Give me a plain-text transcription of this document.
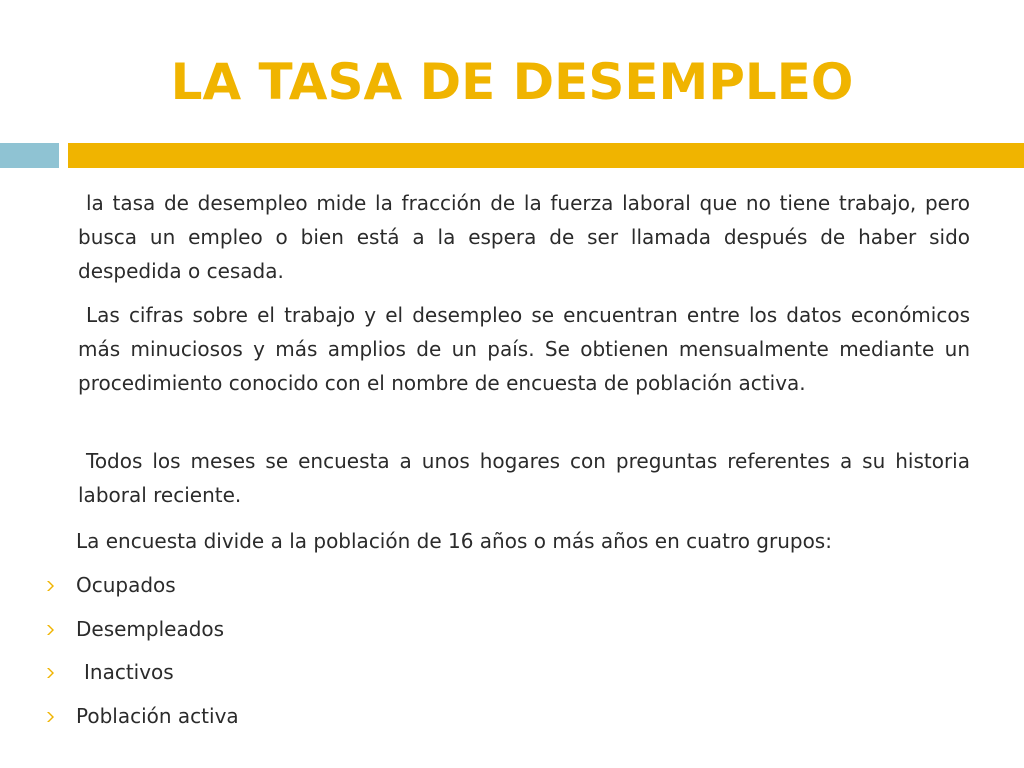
LA TASA DE DESEMPLEO
la tasa de desempleo mide la fracción de la fuerza laboral que no tiene trabajo, pero busca un empleo o bien está a la espera de ser llamada después de haber sido despedida o cesada.
Las cifras sobre el trabajo y el desempleo se encuentran entre los datos económicos más minuciosos y más amplios de un país. Se obtienen mensualmente mediante un procedimiento conocido con el nombre de encuesta de población activa.
Todos los meses se encuesta a unos hogares con preguntas referentes a su historia laboral reciente.
La encuesta divide a la población de 16 años o más años en cuatro grupos:
Ocupados
Desempleados
Inactivos
Población activa
